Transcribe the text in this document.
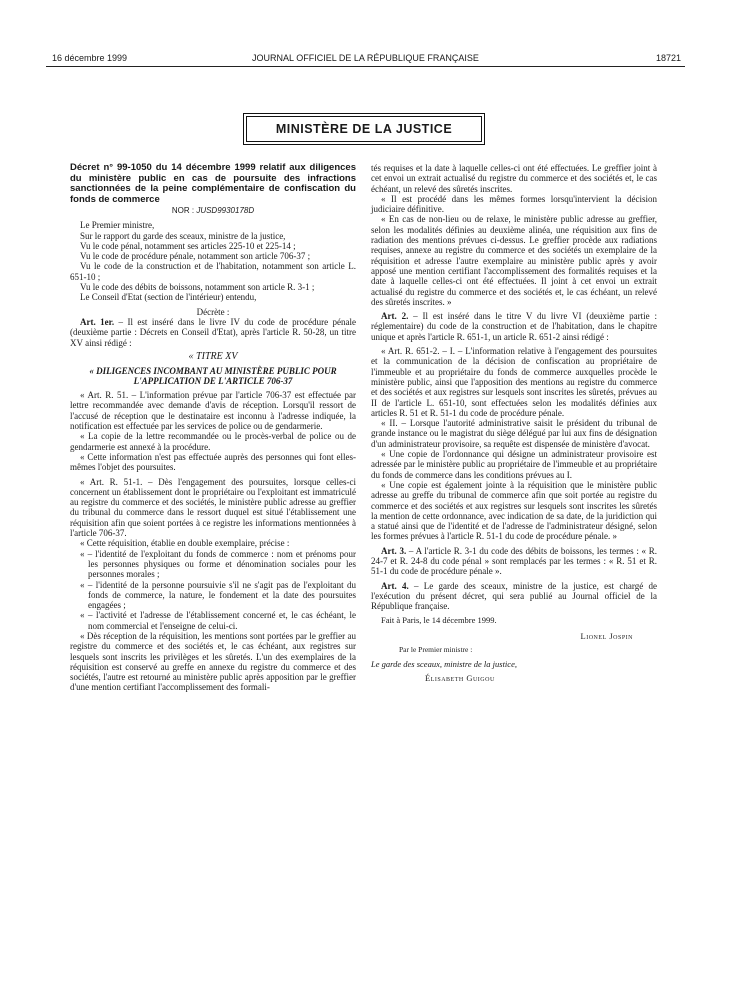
16 décembre 1999	JOURNAL OFFICIEL DE LA RÉPUBLIQUE FRANÇAISE	18721
MINISTÈRE DE LA JUSTICE

Décret n° 99-1050 du 14 décembre 1999 relatif aux diligences du ministère public en cas de poursuite des infractions sanctionnées de la peine complémentaire de confiscation du fonds de commerce

NOR : JUSD9930178D

Le Premier ministre,

Sur le rapport du garde des sceaux, ministre de la justice,

Vu le code pénal, notamment ses articles 225-10 et 225-14 ;

Vu le code de procédure pénale, notamment son article 706-37 ;

Vu le code de la construction et de l'habitation, notamment son article L. 651-10 ;

Vu le code des débits de boissons, notamment son article R. 3-1 ;

Le Conseil d'Etat (section de l'intérieur) entendu,

Décrète :

Art. 1er. – Il est inséré dans le livre IV du code de procédure pénale (deuxième partie : Décrets en Conseil d'Etat), après l'article R. 50-28, un titre XV ainsi rédigé :

« TITRE XV

« DILIGENCES INCOMBANT AU MINISTÈRE PUBLIC POUR L'APPLICATION DE L'ARTICLE 706-37

« Art. R. 51. – L'information prévue par l'article 706-37 est effectuée par lettre recommandée avec demande d'avis de réception. Lorsqu'il ressort de l'accusé de réception que le destinataire est inconnu à l'adresse indiquée, la notification est effectuée par les services de police ou de gendarmerie.

« La copie de la lettre recommandée ou le procès-verbal de police ou de gendarmerie est annexé à la procédure.

« Cette information n'est pas effectuée auprès des personnes qui font elles-mêmes l'objet des poursuites.

« Art. R. 51-1. – Dès l'engagement des poursuites, lorsque celles-ci concernent un établissement dont le propriétaire ou l'exploitant est immatriculé au registre du commerce et des sociétés, le ministère public adresse au greffier du tribunal du commerce dans le ressort duquel est situé l'établissement une réquisition afin que soient portées à ce registre les informations mentionnées à l'article 706-37.

« Cette réquisition, établie en double exemplaire, précise :

« – l'identité de l'exploitant du fonds de commerce : nom et prénoms pour les personnes physiques ou forme et dénomination sociales pour les personnes morales ;

« – l'identité de la personne poursuivie s'il ne s'agit pas de l'exploitant du fonds de commerce, la nature, le fondement et la date des poursuites engagées ;

« – l'activité et l'adresse de l'établissement concerné et, le cas échéant, le nom commercial et l'enseigne de celui-ci.

« Dès réception de la réquisition, les mentions sont portées par le greffier au registre du commerce et des sociétés et, le cas échéant, aux registres sur lesquels sont inscrits les privilèges et les sûretés. L'un des exemplaires de la réquisition est conservé au greffe en annexe du registre du commerce et des sociétés, l'autre est retourné au ministère public après apposition par le greffier d'une mention certifiant l'accomplissement des formali-

tés requises et la date à laquelle celles-ci ont été effectuées. Le greffier joint à cet envoi un extrait actualisé du registre du commerce et des sociétés et, le cas échéant, un relevé des sûretés inscrites.

« Il est procédé dans les mêmes formes lorsqu'intervient la décision judiciaire définitive.

« En cas de non-lieu ou de relaxe, le ministère public adresse au greffier, selon les modalités définies au deuxième alinéa, une réquisition aux fins de radiation des mentions prévues ci-dessus. Le greffier procède aux radiations requises, annexe au registre du commerce et des sociétés un exemplaire de la réquisition et adresse l'autre exemplaire au ministère public après y avoir apposé une mention certifiant l'accomplissement des formalités requises et la date à laquelle celles-ci ont été effectuées. Il joint à cet envoi un extrait actualisé du registre du commerce et des sociétés et, le cas échéant, un relevé des sûretés inscrites. »

Art. 2. – Il est inséré dans le titre V du livre VI (deuxième partie : réglementaire) du code de la construction et de l'habitation, dans le chapitre unique et après l'article R. 651-1, un article R. 651-2 ainsi rédigé :

« Art. R. 651-2. – I. – L'information relative à l'engagement des poursuites et la communication de la décision de confiscation au propriétaire de l'immeuble et au propriétaire du fonds de commerce auxquelles procède le ministère public, ainsi que l'apposition des mentions au registre du commerce et des sociétés et aux registres sur lesquels sont inscrites les sûretés, prévues au II de l'article L. 651-10, sont effectuées selon les modalités définies aux articles R. 51 et R. 51-1 du code de procédure pénale.

« II. – Lorsque l'autorité administrative saisit le président du tribunal de grande instance ou le magistrat du siège délégué par lui aux fins de désignation d'un administrateur provisoire, sa requête est dispensée de ministère d'avocat.

« Une copie de l'ordonnance qui désigne un administrateur provisoire est adressée par le ministère public au propriétaire de l'immeuble et au propriétaire du fonds de commerce dans les conditions prévues au I.

« Une copie est également jointe à la réquisition que le ministère public adresse au greffe du tribunal de commerce afin que soit portée au registre du commerce et des sociétés et aux registres sur lesquels sont inscrites les sûretés la mention de cette ordonnance, avec indication de sa date, de la juridiction qui a statué ainsi que de l'identité et de l'adresse de l'administrateur désigné, selon les formes prévues à l'article R. 51-1 du code de procédure pénale. »

Art. 3. – A l'article R. 3-1 du code des débits de boissons, les termes : « R. 24-7 et R. 24-8 du code pénal » sont remplacés par les termes : « R. 51 et R. 51-1 du code de procédure pénale ».

Art. 4. – Le garde des sceaux, ministre de la justice, est chargé de l'exécution du présent décret, qui sera publié au Journal officiel de la République française.

Fait à Paris, le 14 décembre 1999.
Lionel Jospin
Par le Premier ministre :
Le garde des sceaux, ministre de la justice,
Élisabeth Guigou
